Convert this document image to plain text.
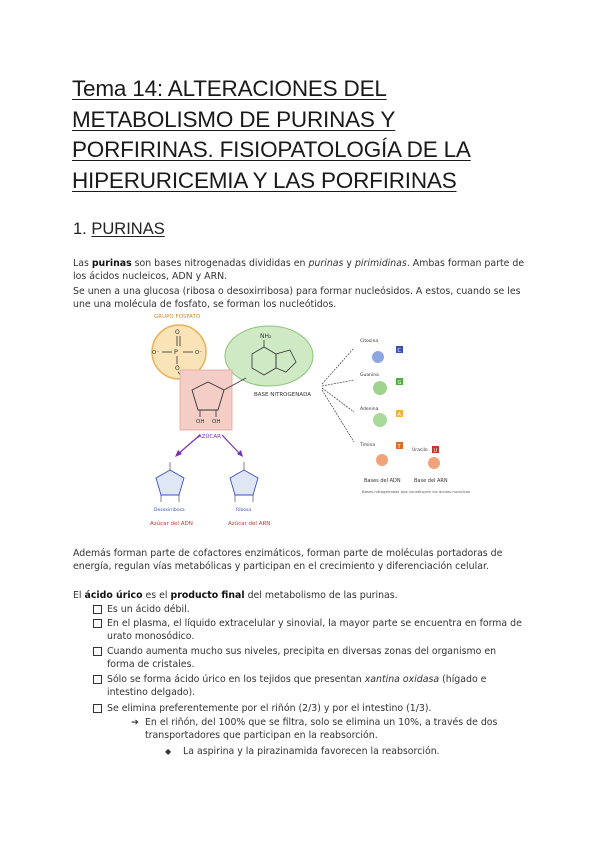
Tema 14: ALTERACIONES DEL METABOLISMO DE PURINAS Y PORFIRINAS. FISIOPATOLOGÍA DE LA HIPERURICEMIA Y LAS PORFIRINAS
1. PURINAS
Las purinas son bases nitrogenadas divididas en purinas y pirimidinas. Ambas forman parte de los ácidos nucleicos, ADN y ARN.
Se unen a una glucosa (ribosa o desoxirribosa) para formar nucleósidos. A estos, cuando se les une una molécula de fosfato, se forman los nucleótidos.
GRUPO FOSFATO
O
P	O⁻
O⁻
O
NH₂
BASE NITROGENADA
OH OH
AZÚCAR
Desoxirribosa
Azúcar del ADN
Ribosa
Azúcar del ARN
Citosina
C
Guanina
G
Adenina
A
Timina	T
Uracilo U
Bases del ADN	Base del ARN
Bases nitrogenadas que constituyen los ácidos nucleicos
Además forman parte de cofactores enzimáticos, forman parte de moléculas portadoras de energía, regulan vías metabólicas y participan en el crecimiento y diferenciación celular.
El ácido úrico es el producto final del metabolismo de las purinas.
Es un ácido débil.
En el plasma, el líquido extracelular y sinovial, la mayor parte se encuentra en forma de urato monosódico.
Cuando aumenta mucho sus niveles, precipita en diversas zonas del organismo en forma de cristales.
Sólo se forma ácido úrico en los tejidos que presentan xantina oxidasa (hígado e intestino delgado).
Se elimina preferentemente por el riñón (2/3) y por el intestino (1/3).
➔ En el riñón, del 100% que se filtra, solo se elimina un 10%, a través de dos transportadores que participan en la reabsorción.
◆ La aspirina y la pirazinamida favorecen la reabsorción.
